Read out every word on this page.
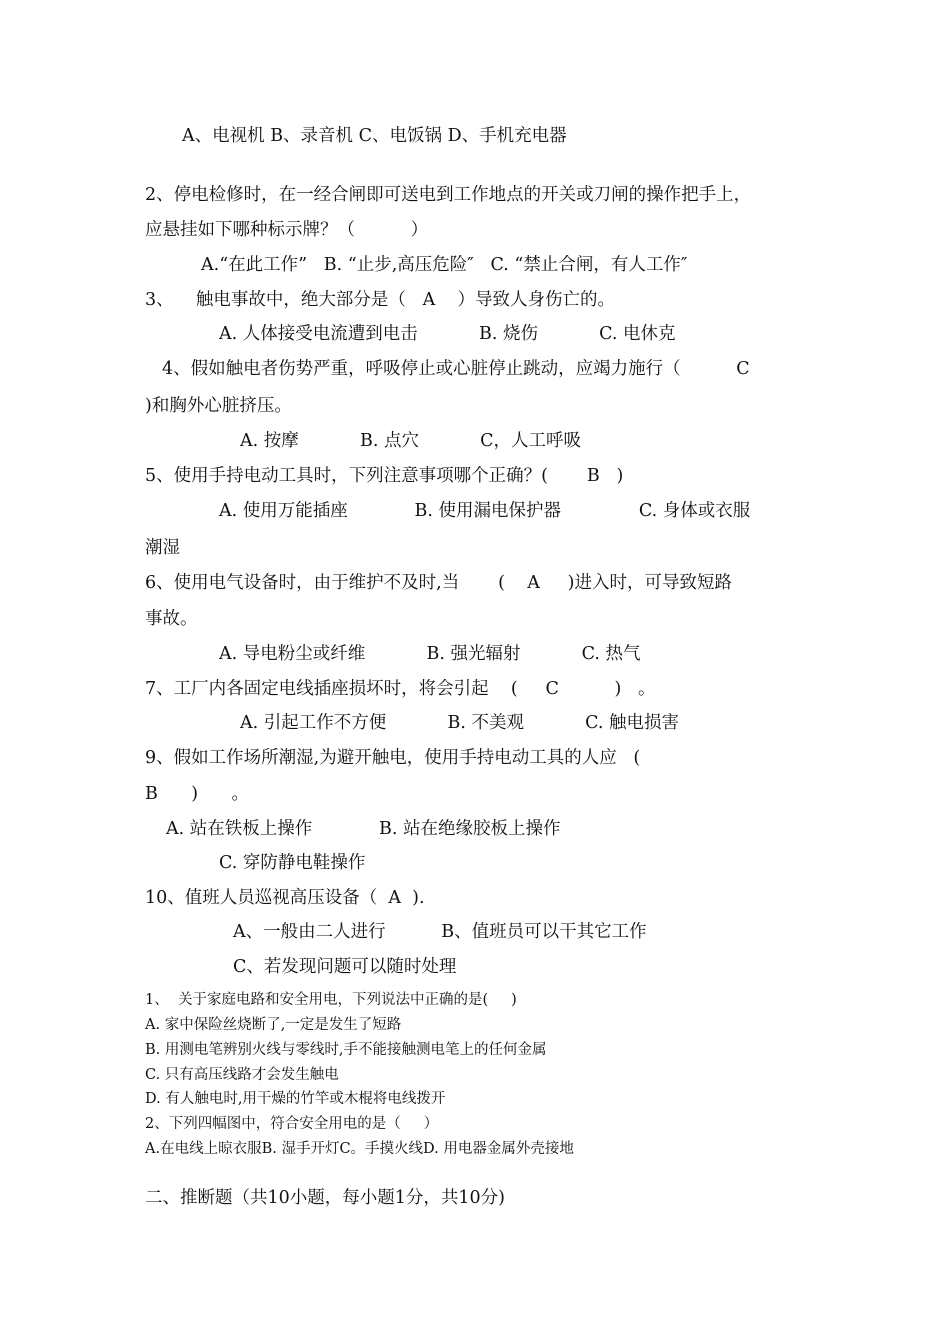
A、电视机 B、录音机 C、电饭锅 D、手机充电器
2、停电检修时，在一经合闸即可送电到工作地点的开关或刀闸的操作把手上，
应悬挂如下哪种标示牌？（          ）
A.“在此工作”   B. “止步,高压危险″   C. “禁止合闸，有人工作″
3、    触电事故中，绝大部分是（   A    ）导致人身伤亡的。
A. 人体接受电流遭到电击           B. 烧伤           C. 电休克
4、假如触电者伤势严重，呼吸停止或心脏停止跳动，应竭力施行（          C
)和胸外心脏挤压。
A. 按摩           B. 点穴           C，人工呼吸
5、使用手持电动工具时，下列注意事项哪个正确？(       B   )
A. 使用万能插座            B. 使用漏电保护器              C. 身体或衣服
潮湿
6、使用电气设备时，由于维护不及时,当       (    A     )进入时，可导致短路
事故。
A. 导电粉尘或纤维           B. 强光辐射           C. 热气
7、工厂内各固定电线插座损坏时，将会引起    (     C          )   。
A. 引起工作不方便           B. 不美观           C. 触电损害
9、假如工作场所潮湿,为避开触电，使用手持电动工具的人应   (
B      )      。
A. 站在铁板上操作            B. 站在绝缘胶板上操作
C. 穿防静电鞋操作
10、值班人员巡视高压设备（  A  ).
A、一般由二人进行          B、值班员可以干其它工作
C、若发现问题可以随时处理
1、  关于家庭电路和安全用电，下列说法中正确的是(     )
A. 家中保险丝烧断了,一定是发生了短路
B. 用测电笔辨别火线与零线时,手不能接触测电笔上的任何金属
C. 只有高压线路才会发生触电
D. 有人触电时,用干燥的竹竿或木棍将电线拨开
2、下列四幅图中，符合安全用电的是（     ）
A.在电线上晾衣服B. 湿手开灯C。手摸火线D. 用电器金属外壳接地
二、推断题（共10小题，每小题1分，共10分)
